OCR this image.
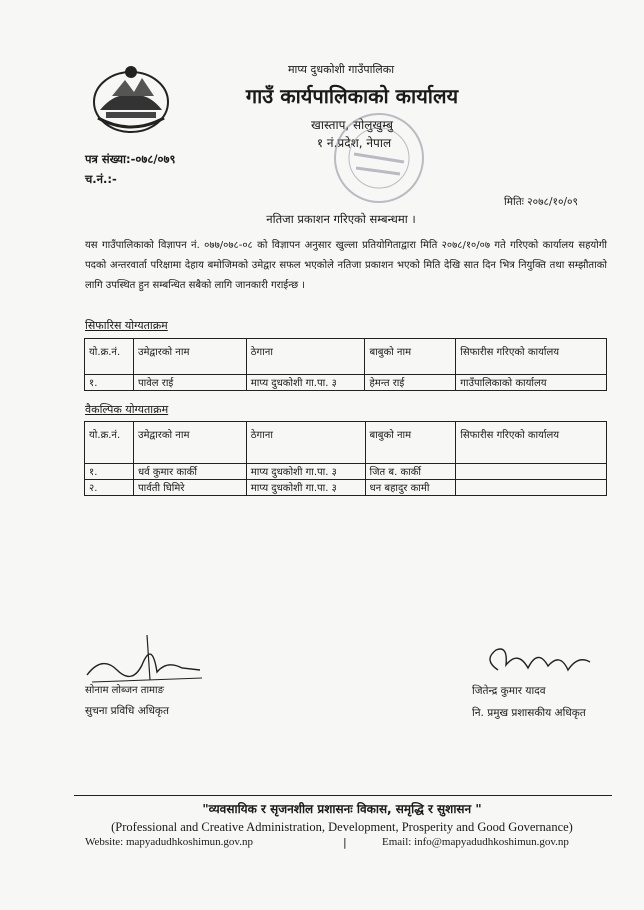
माप्य दुधकोशी गाउँपालिका
गाउँ कार्यपालिकाको कार्यालय
खास्ताप, सोलुखुम्बु
१ नं.प्रदेश, नेपाल
पत्र संख्या:-०७८/०७९
च.नं.:-
मितिः २०७८/१०/०९
नतिजा प्रकाशन गरिएको सम्बन्धमा ।
यस गाउँपालिकाको विज्ञापन नं. ०७७/०७८-०८ को विज्ञापन अनुसार खुल्ला प्रतियोगिताद्वारा मिति २०७८/१०/०७ गते गरिएको कार्यालय सहयोगी पदको अन्तरवार्ता परिक्षामा देहाय बमोजिमको उमेद्वार सफल भएकोले नतिजा प्रकाशन भएको मिति देखि सात दिन भित्र नियुक्ति तथा सम्झौताको लागि उपस्थित हुन सम्बन्धित सबैको लागि जानकारी गराईन्छ ।
सिफारिस योग्यताक्रम
यो.क्र.नं.	उमेद्वारको नाम	ठेगाना	बाबुको नाम	सिफारीस गरिएको कार्यालय
१.	पावेल राई	माप्य दुधकोशी गा.पा. ३	हेमन्त राई	गाउँपालिकाको कार्यालय
वैकल्पिक योग्यताक्रम
यो.क्र.नं.	उमेद्वारको नाम	ठेगाना	बाबुको नाम	सिफारीस गरिएको कार्यालय
१.	धर्व कुमार कार्की	माप्य दुधकोशी गा.पा. ३	जित ब. कार्की	
२.	पार्वती घिमिरे	माप्य दुधकोशी गा.पा. ३	धन बहादुर कामी	
सोनाम लोब्जन तामाङ
सुचना प्रविधि अधिकृत
जितेन्द्र कुमार यादव
नि. प्रमुख प्रशासकीय अधिकृत
"व्यवसायिक र सृजनशील प्रशासनः विकास, समृद्धि र सुशासन "
(Professional and Creative Administration, Development, Prosperity and Good Governance)
Website: mapyadudhkoshimun.gov.np	|	Email: info@mapyadudhkoshimun.gov.np
